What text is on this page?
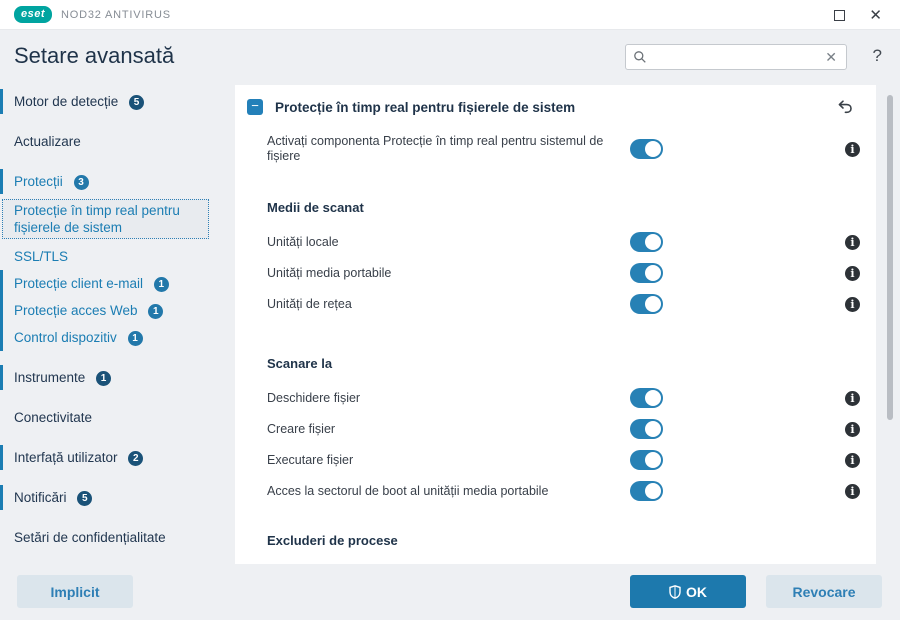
eset	NOD32 ANTIVIRUS	✕
Setare avansată	✕ ?
Motor de detecție 5
Actualizare
Protecții 3
Protecție în timp real pentru fișierele de sistem
SSL/TLS
Protecție client e-mail 1
Protecție acces Web 1
Control dispozitiv 1
Instrumente 1
Conectivitate
Interfață utilizator 2
Notificări 5
Setări de confidențialitate
−	Protecție în timp real pentru fișierele de sistem
Activați componenta Protecție în timp real pentru sistemul de fișiere	i
Medii de scanat
Unități locale	i
Unități media portabile	i
Unități de rețea	i
Scanare la
Deschidere fișier	i
Creare fișier	i
Executare fișier	i
Acces la sectorul de boot al unității media portabile	i
Excluderi de procese
Implicit	OK	Revocare
